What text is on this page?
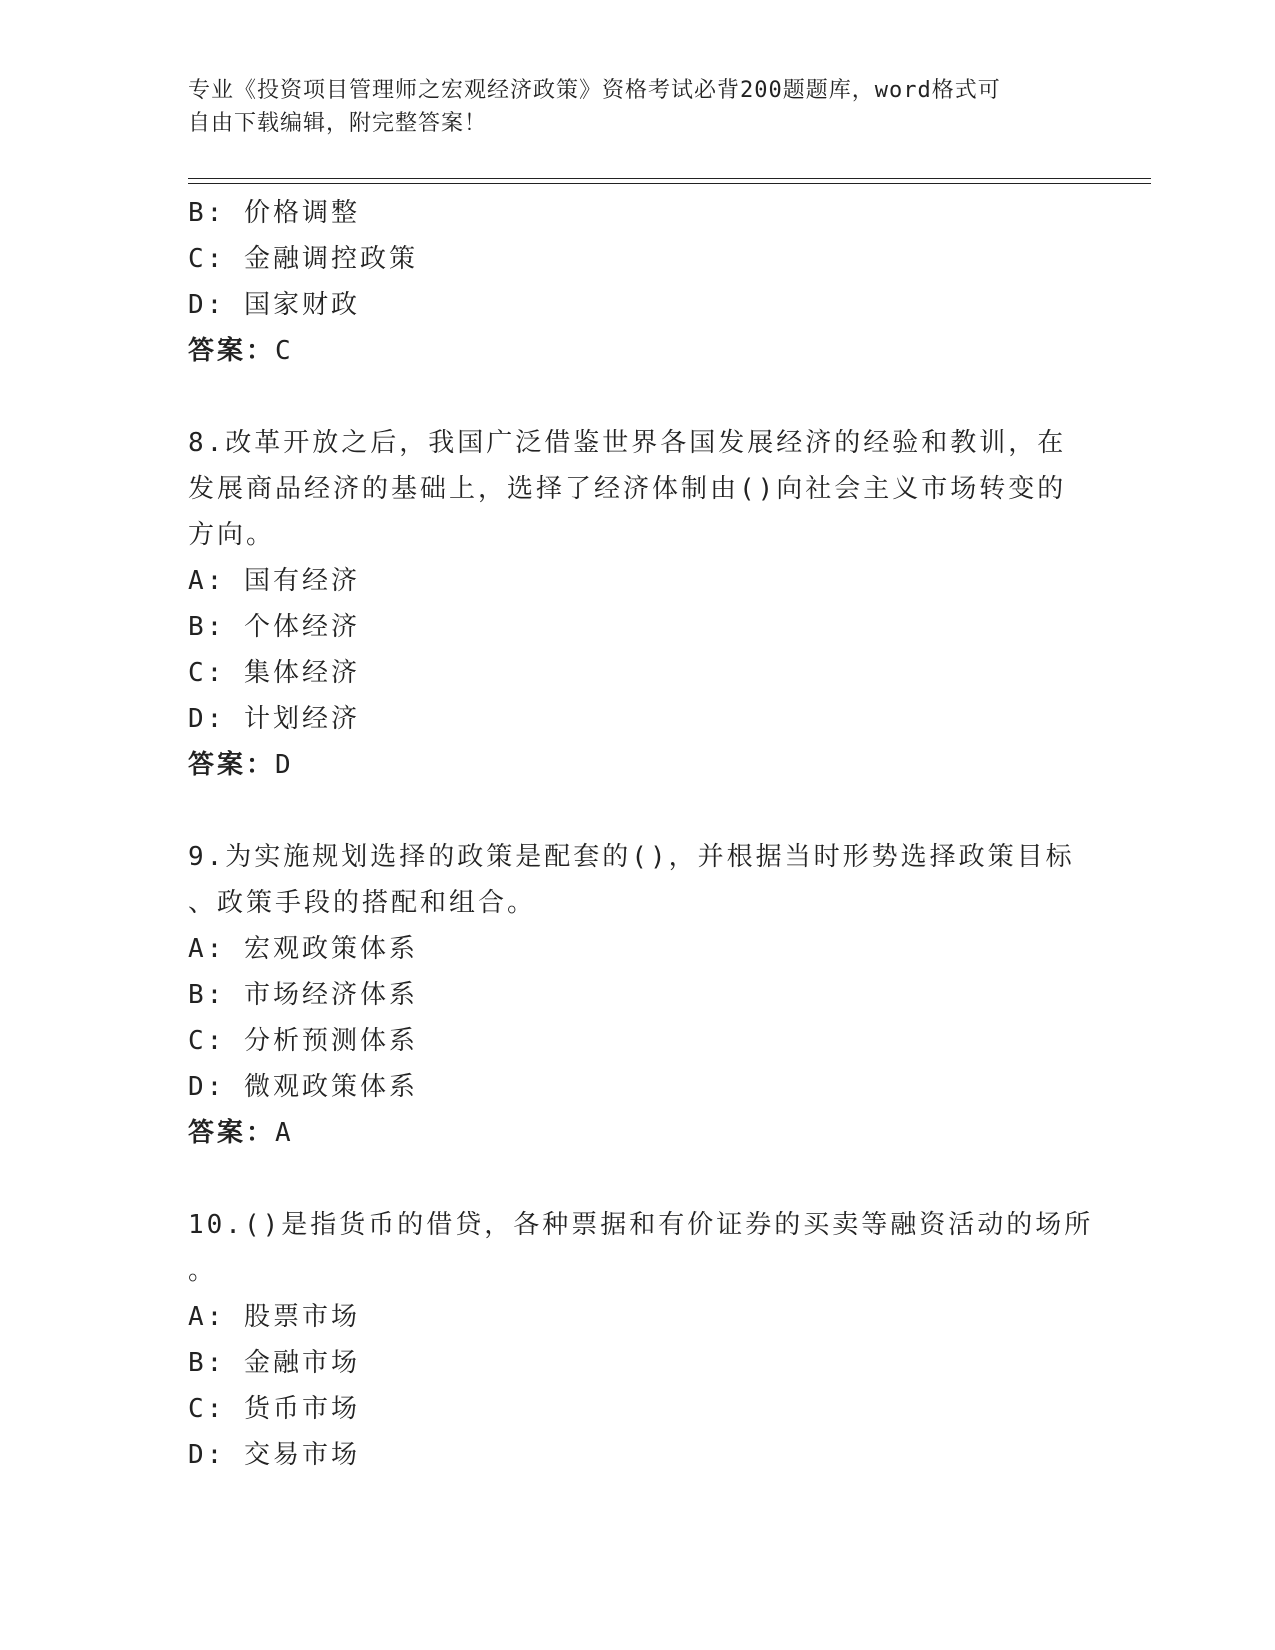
专业《投资项目管理师之宏观经济政策》资格考试必背200题题库，word格式可
自由下载编辑，附完整答案！
B: 价格调整
C: 金融调控政策
D: 国家财政
答案：C
8.改革开放之后，我国广泛借鉴世界各国发展经济的经验和教训，在
发展商品经济的基础上，选择了经济体制由()向社会主义市场转变的
方向。
A: 国有经济
B: 个体经济
C: 集体经济
D: 计划经济
答案：D
9.为实施规划选择的政策是配套的()，并根据当时形势选择政策目标
、政策手段的搭配和组合。
A: 宏观政策体系
B: 市场经济体系
C: 分析预测体系
D: 微观政策体系
答案：A
10.()是指货币的借贷，各种票据和有价证券的买卖等融资活动的场所
。
A: 股票市场
B: 金融市场
C: 货币市场
D: 交易市场
